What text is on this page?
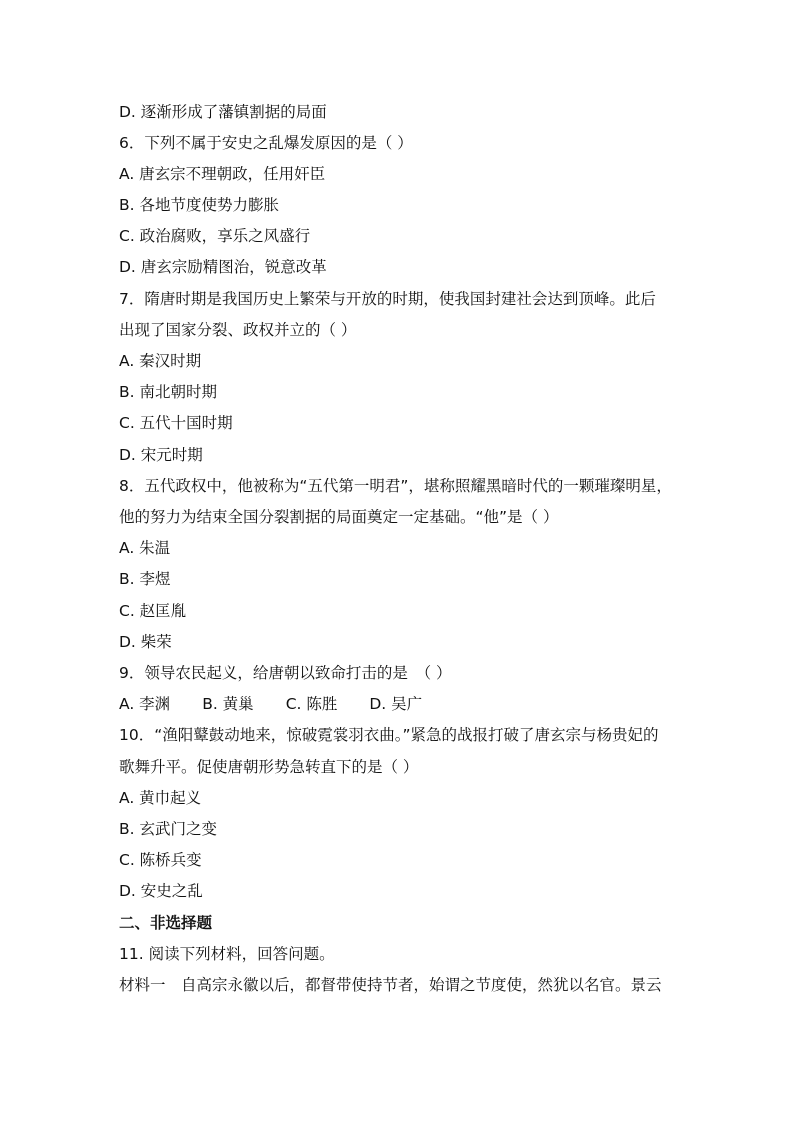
D. 逐渐形成了藩镇割据的局面
6．下列不属于安史之乱爆发原因的是（ ）
A. 唐玄宗不理朝政，任用奸臣
B. 各地节度使势力膨胀
C. 政治腐败，享乐之风盛行
D. 唐玄宗励精图治，锐意改革
7．隋唐时期是我国历史上繁荣与开放的时期，使我国封建社会达到顶峰。此后
出现了国家分裂、政权并立的（ ）
A. 秦汉时期
B. 南北朝时期
C. 五代十国时期
D. 宋元时期
8．五代政权中，他被称为“五代第一明君”，堪称照耀黑暗时代的一颗璀璨明星，
他的努力为结束全国分裂割据的局面奠定一定基础。“他”是（ ）
A. 朱温
B. 李煜
C. 赵匡胤
D. 柴荣
9．领导农民起义，给唐朝以致命打击的是　（ ）
A. 李渊 B. 黄巢 C. 陈胜 D. 吴广
10．“渔阳鼙鼓动地来，惊破霓裳羽衣曲。”紧急的战报打破了唐玄宗与杨贵妃的
歌舞升平。促使唐朝形势急转直下的是（ ）
A. 黄巾起义
B. 玄武门之变
C. 陈桥兵变
D. 安史之乱
二、非选择题
11. 阅读下列材料，回答问题。
材料一　自高宗永徽以后，都督带使持节者，始谓之节度使，然犹以名官。景云
